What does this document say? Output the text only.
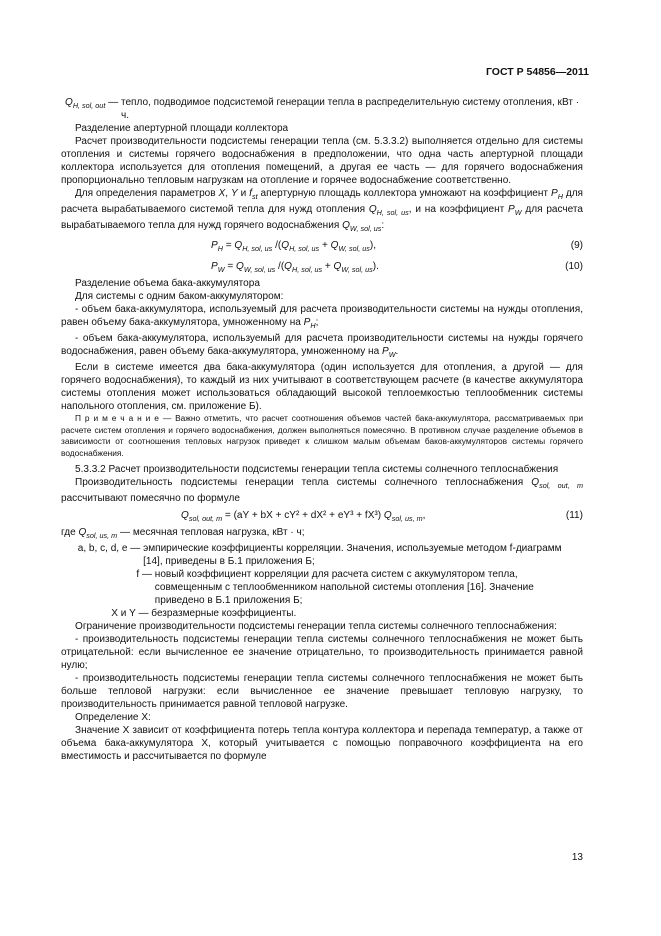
ГОСТ Р 54856—2011
$Q_{H, sol, out}$ — тепло, подводимое подсистемой генерации тепла в распределительную систему отопления, кВт · ч.

Разделение апертурной площади коллектора

Расчет производительности подсистемы генерации тепла (см. 5.3.3.2) выполняется отдельно для системы отопления и системы горячего водоснабжения в предположении, что одна часть апертурной площади коллектора используется для отопления помещений, а другая ее часть — для горячего водоснабжения пропорционально тепловым нагрузкам на отопление и горячее водоснабжение соответственно.

Для определения параметров X, Y и $f_{st}$ апертурную площадь коллектора умножают на коэффициент $P_H$ для расчета вырабатываемого системой тепла для нужд отопления $Q_{H, sol, us}$, и на коэффициент $P_W$ для расчета вырабатываемого тепла для нужд горячего водоснабжения $Q_{W, sol, us}$:

$P_H = Q_{H, sol, us}$ $/(Q_{H, sol, us} + Q_{W, sol, us})$,	(9)
$P_W = Q_{W, sol, us}$ $/(Q_{H, sol, us} + Q_{W, sol, us})$.	(10)

Разделение объема бака-аккумулятора

Для системы с одним баком-аккумулятором:

- объем бака-аккумулятора, используемый для расчета производительности системы на нужды отопления, равен объему бака-аккумулятора, умноженному на $P_H$;

- объем бака-аккумулятора, используемый для расчета производительности системы на нужды горячего водоснабжения, равен объему бака-аккумулятора, умноженному на $P_W$.

Если в системе имеется два бака-аккумулятора (один используется для отопления, а другой — для горячего водоснабжения), то каждый из них учитывают в соответствующем расчете (в качестве аккумулятора системы отопления может использоваться обладающий высокой теплоемкостью теплообменник системы напольного отопления, см. приложение Б).

П р и м е ч а н и е — Важно отметить, что расчет соотношения объемов частей бака-аккумулятора, рассматриваемых при расчете систем отопления и горячего водоснабжения, должен выполняться помесячно. В противном случае разделение объемов в зависимости от соотношения тепловых нагрузок приведет к слишком малым объемам баков-аккумуляторов системы горячего водоснабжения.

5.3.3.2 Расчет производительности подсистемы генерации тепла системы солнечного теплоснабжения

Производительность подсистемы генерации тепла системы солнечного теплоснабжения $Q_{sol, out, m}$ рассчитывают помесячно по формуле

$Q_{sol, out, m} = (aY$ + bX + cY² + dX² + eY³ + fX³) $Q_{sol, us, m}$,	(11)
где $Q_{sol, us, m}$ — месячная тепловая нагрузка, кВт · ч;
a, b, c, d, e — эмпирические коэффициенты корреляции. Значения, используемые методом f-диаграмм [14], приведены в Б.1 приложения Б;
f — новый коэффициент корреляции для расчета систем с аккумулятором тепла, совмещенным с теплообменником напольной системы отопления [16]. Значение приведено в Б.1 приложения Б;
X и Y — безразмерные коэффициенты.

Ограничение производительности подсистемы генерации тепла системы солнечного теплоснабжения:

- производительность подсистемы генерации тепла системы солнечного теплоснабжения не может быть отрицательной: если вычисленное ее значение отрицательно, то производительность принимается равной нулю;

- производительность подсистемы генерации тепла системы солнечного теплоснабжения не может быть больше тепловой нагрузки: если вычисленное ее значение превышает тепловую нагрузку, то производительность принимается равной тепловой нагрузке.

Определение X:

Значение X зависит от коэффициента потерь тепла контура коллектора и перепада температур, а также от объема бака-аккумулятора X, который учитывается с помощью поправочного коэффициента на его вместимость и рассчитывается по формуле

13
